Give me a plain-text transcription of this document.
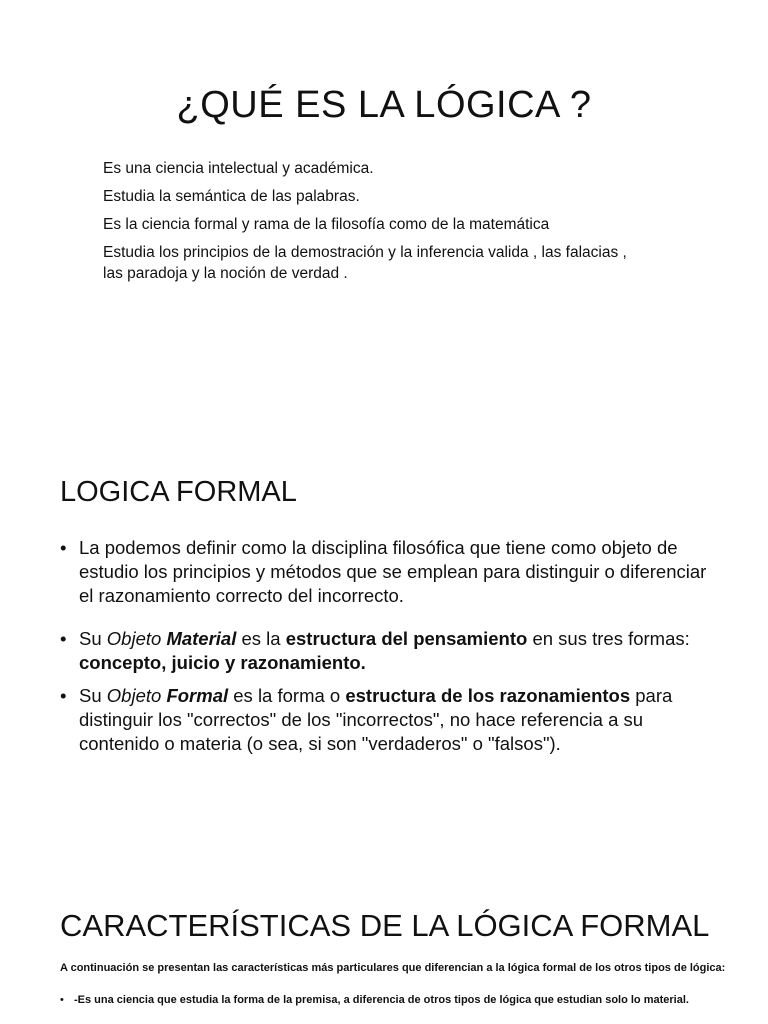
¿QUÉ ES LA LÓGICA ?
Es una ciencia intelectual y académica.
Estudia la semántica de las palabras.
Es la ciencia formal y rama de la filosofía como de la matemática
Estudia los principios de la demostración y la inferencia valida , las falacias , las paradoja y la noción de verdad .
LOGICA FORMAL
• La podemos definir como la disciplina filosófica que tiene como objeto de estudio los principios y métodos que se emplean para distinguir o diferenciar el razonamiento correcto del incorrecto.
• Su Objeto Material es la estructura del pensamiento en sus tres formas: concepto, juicio y razonamiento.
• Su Objeto Formal es la forma o estructura de los razonamientos para distinguir los "correctos" de los "incorrectos", no hace referencia a su contenido o materia (o sea, si son "verdaderos" o "falsos").
CARACTERÍSTICAS DE LA LÓGICA FORMAL

A continuación se presentan las características más particulares que diferencian a la lógica formal de los otros tipos de lógica:

• -Es una ciencia que estudia la forma de la premisa, a diferencia de otros tipos de lógica que estudian solo lo material.
